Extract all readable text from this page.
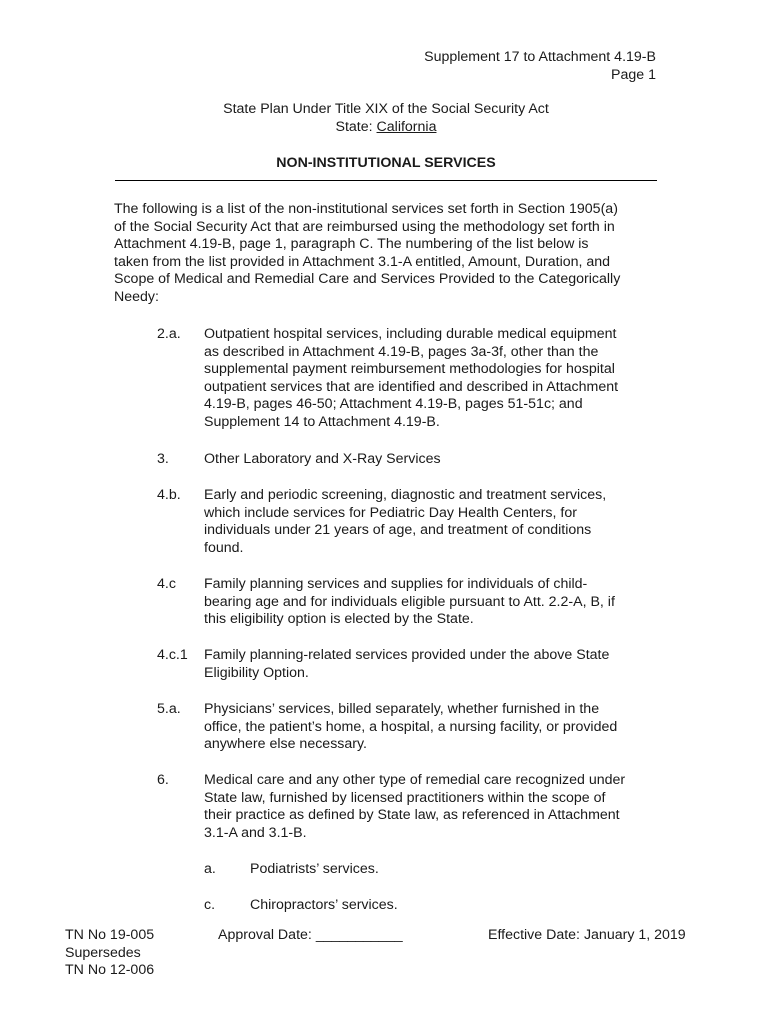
Supplement 17 to Attachment 4.19-B
Page 1
State Plan Under Title XIX of the Social Security Act
State: California
NON-INSTITUTIONAL SERVICES
The following is a list of the non-institutional services set forth in Section 1905(a)
of the Social Security Act that are reimbursed using the methodology set forth in
Attachment 4.19-B, page 1, paragraph C. The numbering of the list below is
taken from the list provided in Attachment 3.1-A entitled, Amount, Duration, and
Scope of Medical and Remedial Care and Services Provided to the Categorically
Needy:
2.a. Outpatient hospital services, including durable medical equipment
as described in Attachment 4.19-B, pages 3a-3f, other than the
supplemental payment reimbursement methodologies for hospital
outpatient services that are identified and described in Attachment
4.19-B, pages 46-50; Attachment 4.19-B, pages 51-51c; and
Supplement 14 to Attachment 4.19-B.
3. Other Laboratory and X-Ray Services
4.b. Early and periodic screening, diagnostic and treatment services,
which include services for Pediatric Day Health Centers, for
individuals under 21 years of age, and treatment of conditions
found.
4.c Family planning services and supplies for individuals of child-
bearing age and for individuals eligible pursuant to Att. 2.2-A, B, if
this eligibility option is elected by the State.
4.c.1 Family planning-related services provided under the above State
Eligibility Option.
5.a. Physicians’ services, billed separately, whether furnished in the
office, the patient’s home, a hospital, a nursing facility, or provided
anywhere else necessary.
6. Medical care and any other type of remedial care recognized under
State law, furnished by licensed practitioners within the scope of
their practice as defined by State law, as referenced in Attachment
3.1-A and 3.1-B.
a. Podiatrists’ services.
c. Chiropractors’ services.
TN No 19-005
Supersedes
TN No 12-006
Approval Date: ___________	Effective Date: January 1, 2019
